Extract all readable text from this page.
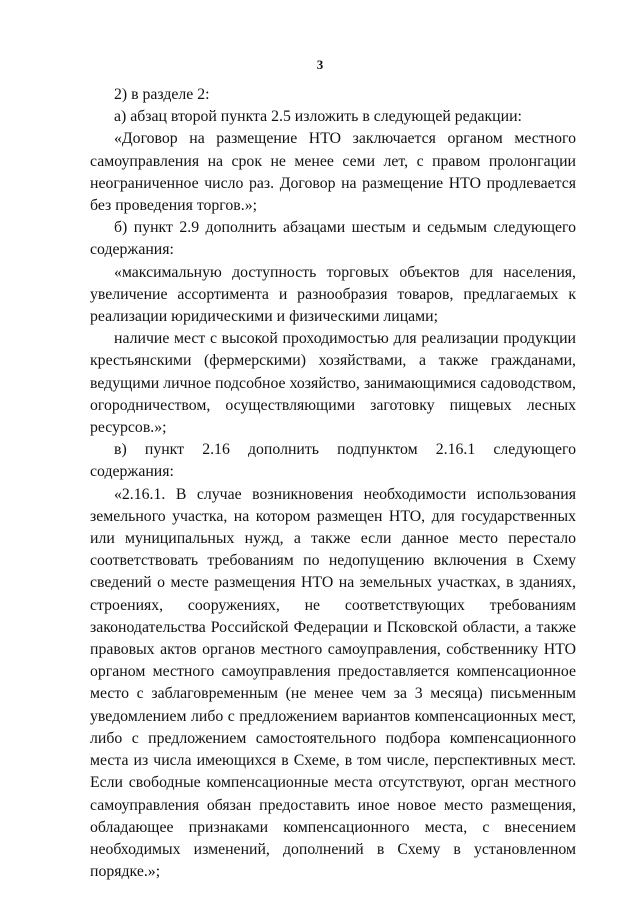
3

2) в разделе 2:

а) абзац второй пункта 2.5 изложить в следующей редакции:

«Договор на размещение НТО заключается органом местного самоуправления на срок не менее семи лет, с правом пролонгации неограниченное число раз. Договор на размещение НТО продлевается без проведения торгов.»;

б) пункт 2.9 дополнить абзацами шестым и седьмым следующего содержания:

«максимальную доступность торговых объектов для населения, увеличение ассортимента и разнообразия товаров, предлагаемых к реализации юридическими и физическими лицами;

наличие мест с высокой проходимостью для реализации продукции крестьянскими (фермерскими) хозяйствами, а также гражданами, ведущими личное подсобное хозяйство, занимающимися садоводством, огородничеством, осуществляющими заготовку пищевых лесных ресурсов.»;

в) пункт 2.16 дополнить подпунктом 2.16.1 следующего содержания:

«2.16.1. В случае возникновения необходимости использования земельного участка, на котором размещен НТО, для государственных или муниципальных нужд, а также если данное место перестало соответствовать требованиям по недопущению включения в Схему сведений о месте размещения НТО на земельных участках, в зданиях, строениях, сооружениях, не соответствующих требованиям законодательства Российской Федерации и Псковской области, а также правовых актов органов местного самоуправления, собственнику НТО органом местного самоуправления предоставляется компенсационное место с заблаговременным (не менее чем за 3 месяца) письменным уведомлением либо с предложением вариантов компенсационных мест, либо с предложением самостоятельного подбора компенсационного места из числа имеющихся в Схеме, в том числе, перспективных мест. Если свободные компенсационные места отсутствуют, орган местного самоуправления обязан предоставить иное новое место размещения, обладающее признаками компенсационного места, с внесением необходимых изменений, дополнений в Схему в установленном порядке.»;
